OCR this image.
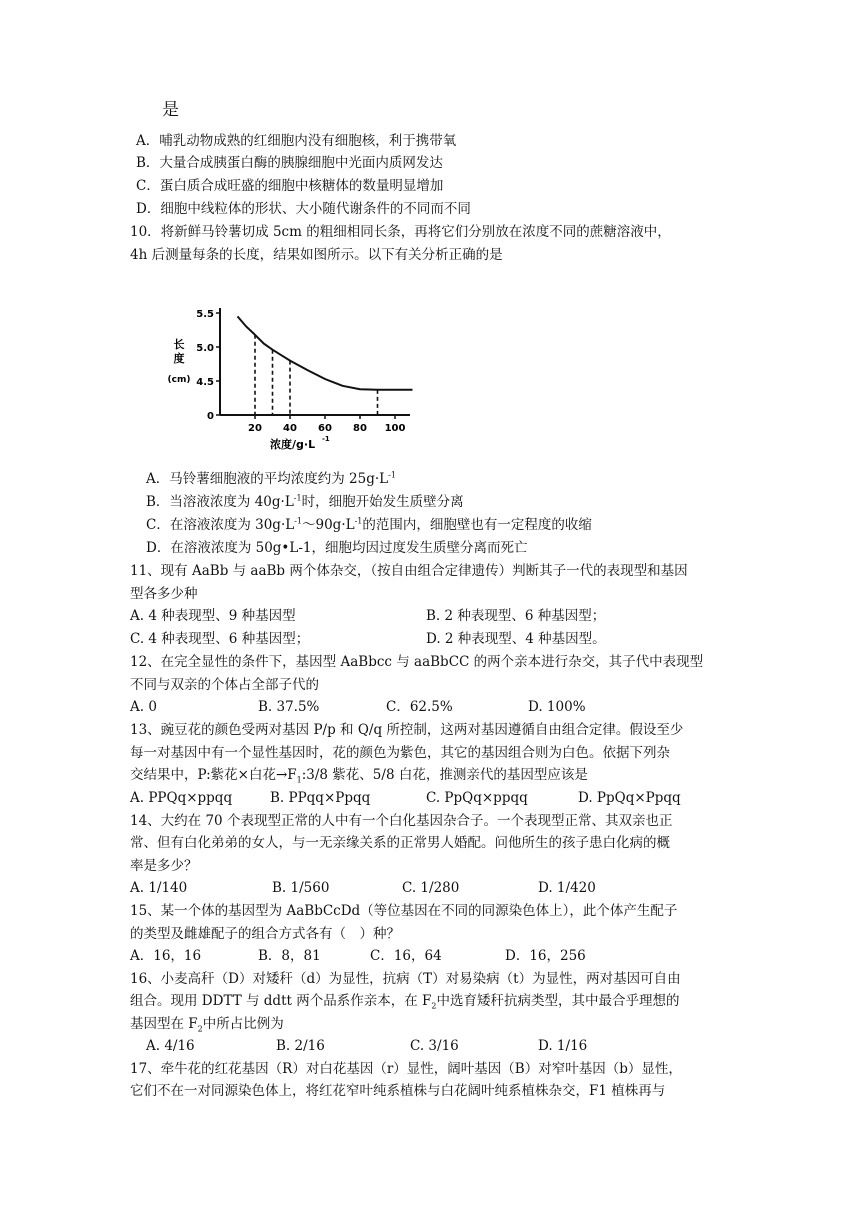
是
A．哺乳动物成熟的红细胞内没有细胞核，利于携带氧
B．大量合成胰蛋白酶的胰腺细胞中光面内质网发达
C．蛋白质合成旺盛的细胞中核糖体的数量明显增加
D．细胞中线粒体的形状、大小随代谢条件的不同而不同
10．将新鲜马铃薯切成 5cm 的粗细相同长条，再将它们分别放在浓度不同的蔗糖溶液中，
4h 后测量每条的长度，结果如图所示。以下有关分析正确的是
5.5
5.0
4.5
0
20 40 60 80 100
长
度
(cm)
浓度/g·L -1
A．马铃薯细胞液的平均浓度约为 $25g\cdot L^{-1}$
B．当溶液浓度为 $40g\cdot L^{-1}$时，细胞开始发生质壁分离
C．在溶液浓度为 $30g\cdot L^{-1}\sim 90g\cdot L^{-1}$的范围内，细胞壁也有一定程度的收缩
D．在溶液浓度为 50g•L-1，细胞均因过度发生质壁分离而死亡
11、现有 AaBb 与 aaBb 两个体杂交，（按自由组合定律遗传）判断其子一代的表现型和基因
型各多少种
A. 4 种表现型、9 种基因型	B. 2 种表现型、6 种基因型；
C. 4 种表现型、6 种基因型；	D. 2 种表现型、4 种基因型。
12、在完全显性的条件下，基因型 AaBbcc 与 aaBbCC 的两个亲本进行杂交，其子代中表现型
不同与双亲的个体占全部子代的
A. 0	B. 37.5%	C．62.5%	D. 100%
13、豌豆花的颜色受两对基因 P/p 和 Q/q 所控制，这两对基因遵循自由组合定律。假设至少
每一对基因中有一个显性基因时，花的颜色为紫色，其它的基因组合则为白色。依据下列杂
交结果中，P:紫花×白花$\to F_1:3/8$ 紫花、5/8 白花，推测亲代的基因型应该是
A. PPQq×ppqq	B. PPqq×Ppqq	C. PpQq×ppqq	D. PpQq×Ppqq
14、大约在 70 个表现型正常的人中有一个白化基因杂合子。一个表现型正常、其双亲也正
常、但有白化弟弟的女人，与一无亲缘关系的正常男人婚配。问他所生的孩子患白化病的概
率是多少？
A. 1/140	B. 1/560	C. 1/280	D. 1/420
15、某一个体的基因型为 AaBbCcDd（等位基因在不同的同源染色体上），此个体产生配子
的类型及雌雄配子的组合方式各有（　）种？
A．16，16	B．8，81	C．16，64	D．16，256
16、小麦高秆（D）对矮秆（d）为显性，抗病（T）对易染病（t）为显性，两对基因可自由
组合。现用 DDTT 与 ddtt 两个品系作亲本，在 $F_2$中选育矮秆抗病类型，其中最合乎理想的
基因型在 $F_2$中所占比例为
A. 4/16	B. 2/16	C. 3/16	D. 1/16
17、牵牛花的红花基因（R）对白花基因（r）显性，阔叶基因（B）对窄叶基因（b）显性，
它们不在一对同源染色体上，将红花窄叶纯系植株与白花阔叶纯系植株杂交，F1 植株再与
